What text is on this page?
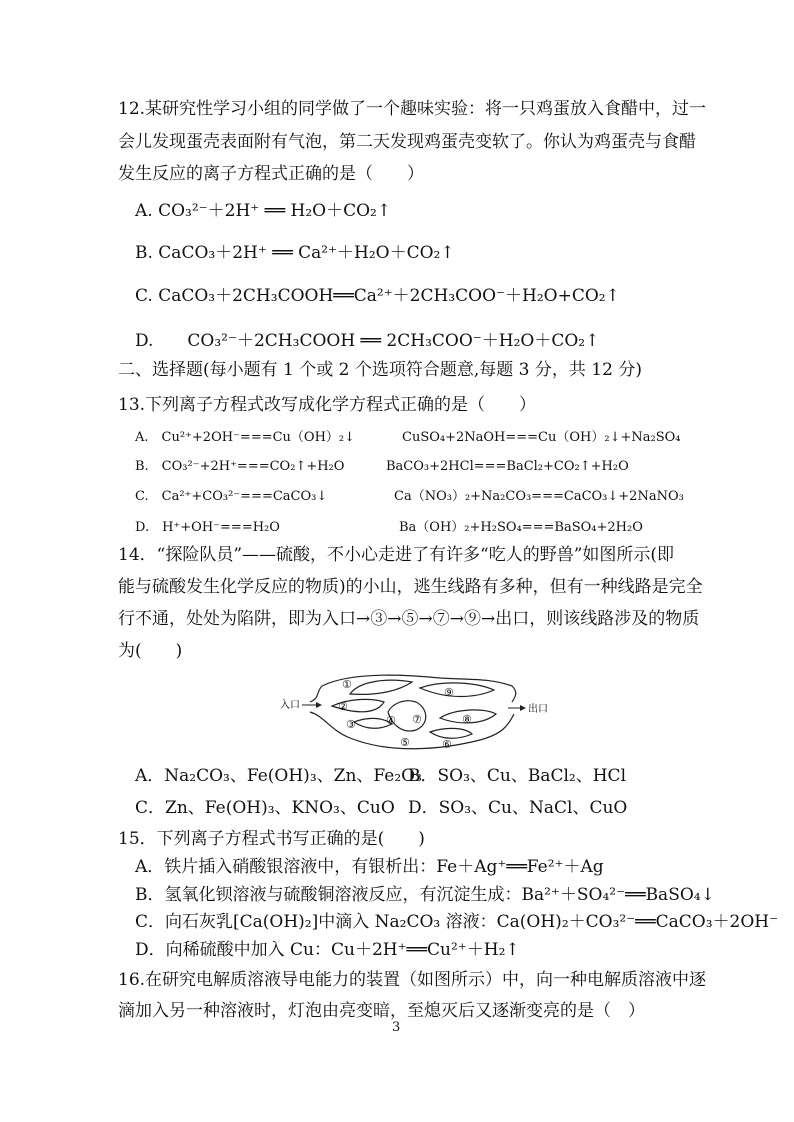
12.某研究性学习小组的同学做了一个趣味实验：将一只鸡蛋放入食醋中，过一
会儿发现蛋壳表面附有气泡，第二天发现鸡蛋壳变软了。你认为鸡蛋壳与食醋
发生反应的离子方程式正确的是（　　）
A. CO₃²⁻＋2H⁺ ══ H₂O＋CO₂↑
B. CaCO₃＋2H⁺ ══ Ca²⁺＋H₂O＋CO₂↑
C. CaCO₃＋2CH₃COOH══Ca²⁺＋2CH₃COO⁻＋H₂O+CO₂↑
D.　　CO₃²⁻＋2CH₃COOH ══ 2CH₃COO⁻＋H₂O＋CO₂↑
二、选择题(每小题有 1 个或 2 个选项符合题意,每题 3 分，共 12 分)
13.下列离子方程式改写成化学方程式正确的是（　　）
A.　Cu²⁺+2OH⁻===Cu（OH）₂↓	CuSO₄+2NaOH===Cu（OH）₂↓+Na₂SO₄
B.　CO₃²⁻+2H⁺===CO₂↑+H₂O	BaCO₃+2HCl===BaCl₂+CO₂↑+H₂O
C.　Ca²⁺+CO₃²⁻===CaCO₃↓	Ca（NO₃）₂+Na₂CO₃===CaCO₃↓+2NaNO₃
D.　H⁺+OH⁻===H₂O	Ba（OH）₂+H₂SO₄===BaSO₄+2H₂O
14．“探险队员”——硫酸，不小心走进了有许多“吃人的野兽”如图所示(即
能与硫酸发生化学反应的物质)的小山，逃生线路有多种，但有一种线路是完全
行不通，处处为陷阱，即为入口→③→⑤→⑦→⑨→出口，则该线路涉及的物质
为(　　)
入口	出口
①
②
③	④
⑤	⑥
⑦	⑧
⑨
A．Na₂CO₃、Fe(OH)₃、Zn、Fe₂O₃
B．SO₃、Cu、BaCl₂、HCl
C．Zn、Fe(OH)₃、KNO₃、CuO D．SO₃、Cu、NaCl、CuO
15．下列离子方程式书写正确的是(　　)
A．铁片插入硝酸银溶液中，有银析出：Fe＋Ag⁺══Fe²⁺＋Ag
B．氢氧化钡溶液与硫酸铜溶液反应，有沉淀生成：Ba²⁺＋SO₄²⁻══BaSO₄↓
C．向石灰乳[Ca(OH)₂]中滴入 Na₂CO₃ 溶液：Ca(OH)₂＋CO₃²⁻══CaCO₃＋2OH⁻
D．向稀硫酸中加入 Cu：Cu＋2H⁺══Cu²⁺＋H₂↑
16.在研究电解质溶液导电能力的装置（如图所示）中，向一种电解质溶液中逐
滴加入另一种溶液时，灯泡由亮变暗，至熄灭后又逐渐变亮的是（　）
3
